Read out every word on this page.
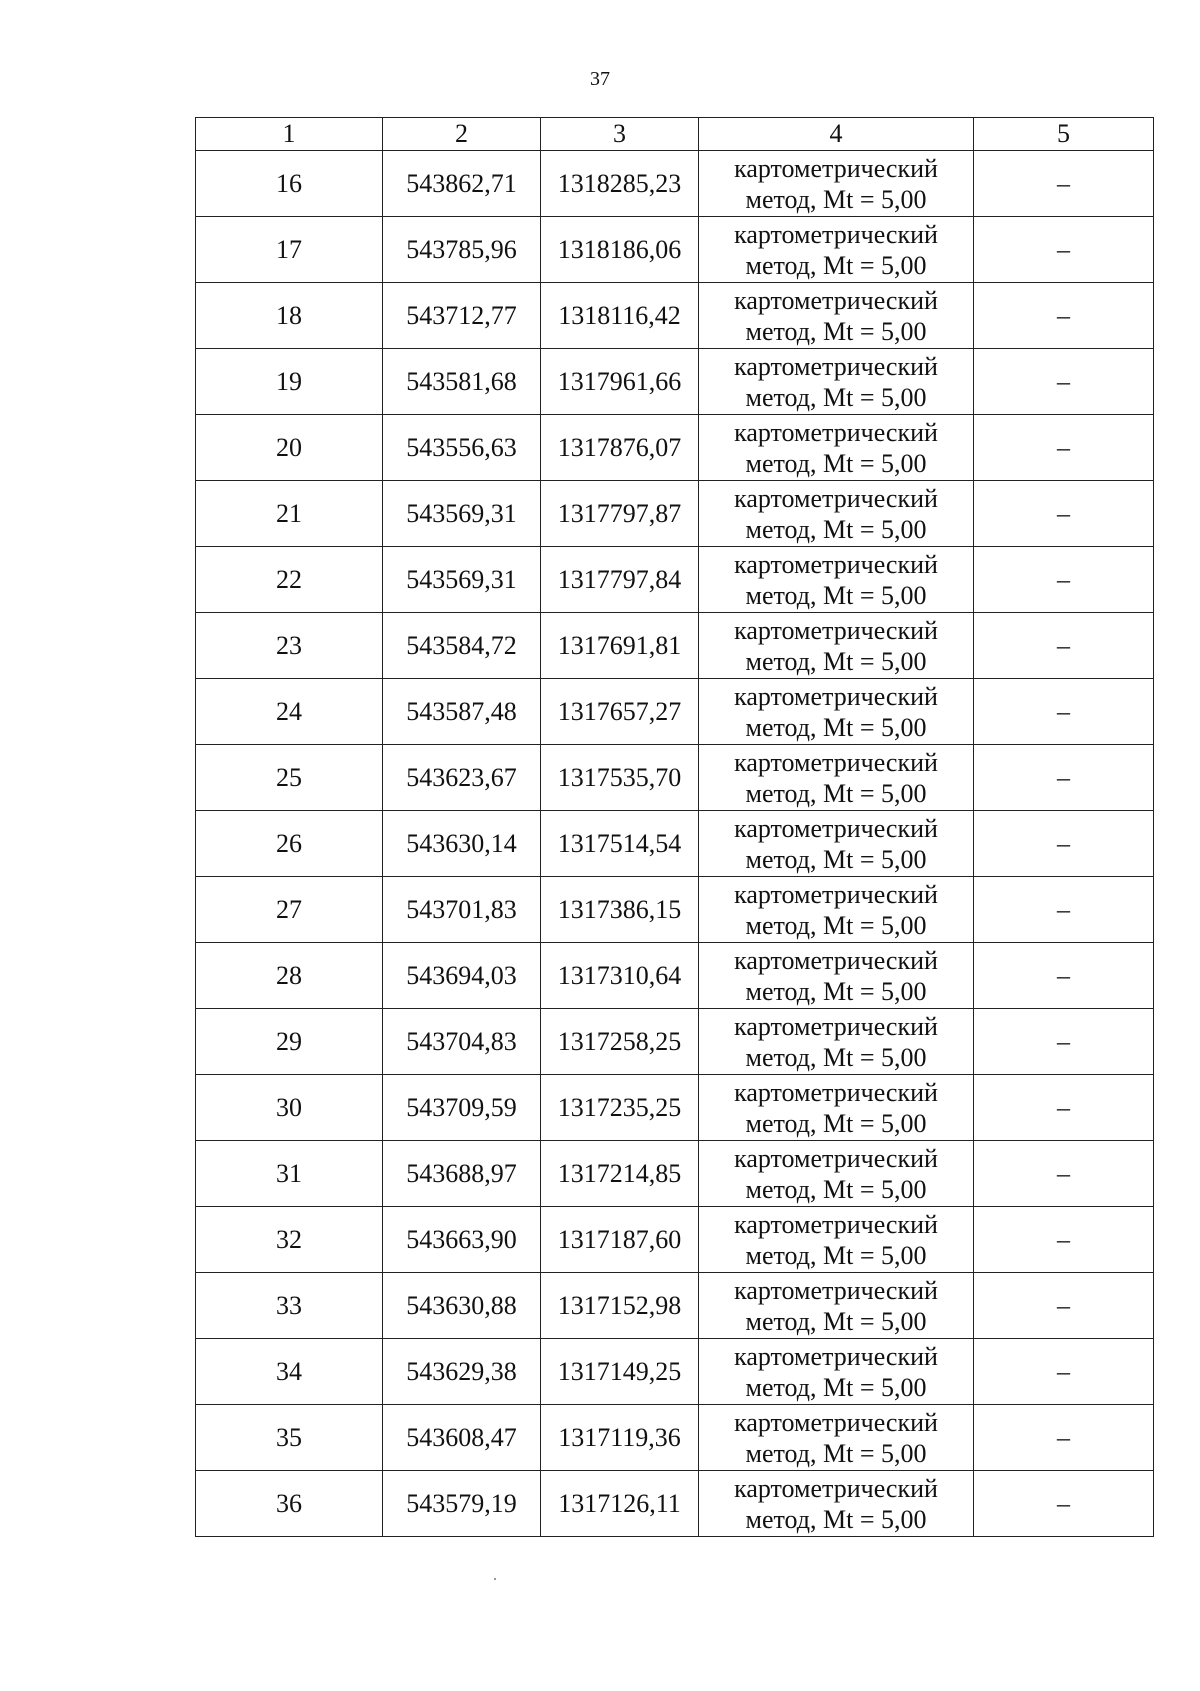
37
1	2	3	4	5
16	543862,71	1318285,23	картометрический
метод, Mt = 5,00	–
17	543785,96	1318186,06	картометрический
метод, Mt = 5,00	–
18	543712,77	1318116,42	картометрический
метод, Mt = 5,00	–
19	543581,68	1317961,66	картометрический
метод, Mt = 5,00	–
20	543556,63	1317876,07	картометрический
метод, Mt = 5,00	–
21	543569,31	1317797,87	картометрический
метод, Mt = 5,00	–
22	543569,31	1317797,84	картометрический
метод, Mt = 5,00	–
23	543584,72	1317691,81	картометрический
метод, Mt = 5,00	–
24	543587,48	1317657,27	картометрический
метод, Mt = 5,00	–
25	543623,67	1317535,70	картометрический
метод, Mt = 5,00	–
26	543630,14	1317514,54	картометрический
метод, Mt = 5,00	–
27	543701,83	1317386,15	картометрический
метод, Mt = 5,00	–
28	543694,03	1317310,64	картометрический
метод, Mt = 5,00	–
29	543704,83	1317258,25	картометрический
метод, Mt = 5,00	–
30	543709,59	1317235,25	картометрический
метод, Mt = 5,00	–
31	543688,97	1317214,85	картометрический
метод, Mt = 5,00	–
32	543663,90	1317187,60	картометрический
метод, Mt = 5,00	–
33	543630,88	1317152,98	картометрический
метод, Mt = 5,00	–
34	543629,38	1317149,25	картометрический
метод, Mt = 5,00	–
35	543608,47	1317119,36	картометрический
метод, Mt = 5,00	–
36	543579,19	1317126,11	картометрический
метод, Mt = 5,00	–
